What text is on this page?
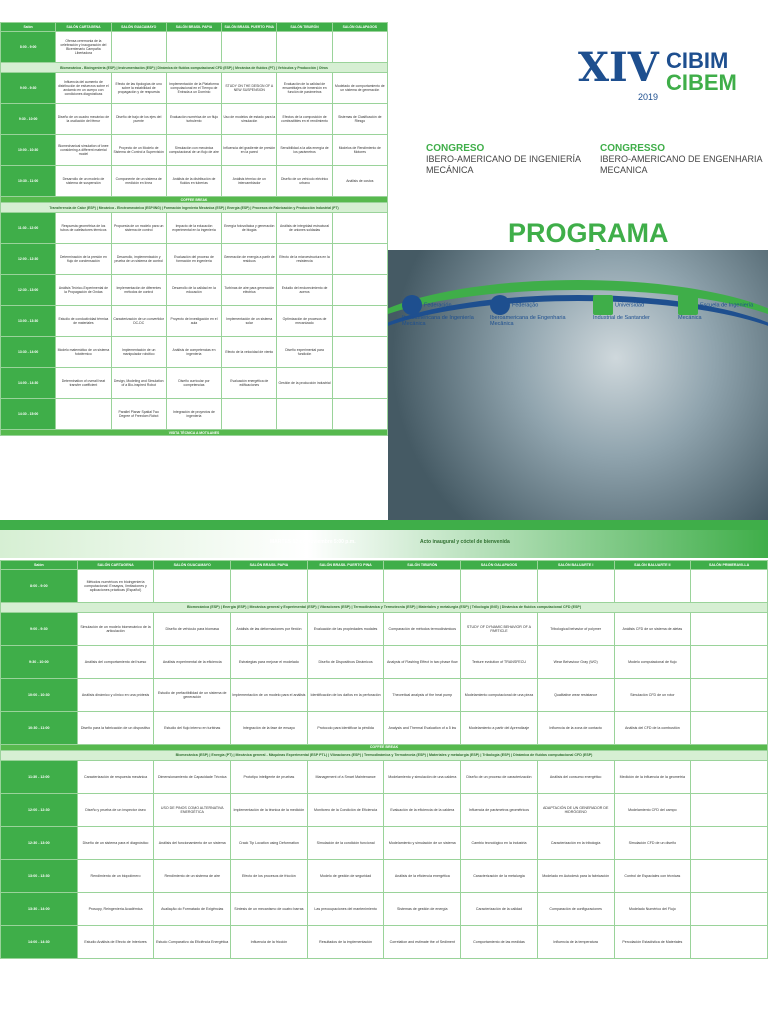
Salón	SALÓN CARTAGENA	SALÓN GUACAMAYO	SALÓN BRASIL PAPIA	SALÓN BRASIL PUERTO PINA	SALÓN TIBURÓN	SALÓN GALAPAGOS
8:00 - 9:00	Ofensa ceremonia de la celebración y inauguración del Bicentenario Campaña Libertadora					
Biomecánica - Bioingeniería (ESP) | Instrumentación (ESP) | Dinámica de fluidos computacional CFD (ESP) | Mecánica de fluidos (PT) | Vehículos y Producción | Otros						
9:00 - 9:30	Influencia del aumento de distribución de esfuerzos sobre el andamio en un cuerpo con condiciones diagnósticas	Efecto de las tipologías de uno sobre la estabilidad de propagación y de respuesta	Implementación de la Plataforma computacional en el Tiempo de Entrada a un Dominio	STUDY ON THE DESIGN OF A NEW SUSPENSION	Evaluación de la calidad de ensamblajes de inmersión en función de parámetros	Modelado de comportamiento de un sistema de generación
9:30 - 10:00	Diseño de un cuadro mecánico de la oscilación del fémur	Diseño de bajo de los ejes del puente	Evaluación numérica de un flujo turbulento	Uso de modelos de estado para la simulación	Efectos de la composición de combustibles en el rendimiento	Sistemas de Clasificación de Riesgo
10:00 - 10:30	Biomechanical simulation of knee considering a different material model	Proyecto de un Modelo de Sistema de Control a Supervisión	Simulación con mecánica computacional de un flujo de aire	Influencia del gradiente de presión en la pared	Sensibilidad a la alta energía de los parámetros	Modelos de Rendimiento de Motores
10:30 - 11:00	Desarrollo de un modelo de sistema de suspensión	Componente de un sistema de medición en línea	Análisis de la distribución de fluidos en tuberías	Análisis térmico de un intercambiador	Diseño de un vehículo eléctrico urbano	Análisis de costos
COFFEE BREAK						
Transferencia de Calor (ESP) | Mecánica - Electromecánica (ESP/ING) | Formación Ingeniería Mecánica (ESP) | Energía (ESP) | Procesos de Fabricación y Producción Industrial (PT)						
11:30 - 12:00	Respuesta geométrica de los tubos de calefactores térmicos	Propuesta de un modelo para un sistema de control	Impacto de la educación experimental en la ingeniería	Energía fotovoltaica y generación de biogás	Análisis de integridad estructural de uniones soldadas	
12:00 - 12:30	Determinación de la presión en flujo de condensación	Desarrollo, implementación y prueba de un sistema de control	Evaluación del proceso de formación en ingeniería	Generación de energía a partir de residuos	Efecto de la microestructura en la resistencia	
12:30 - 13:00	Análisis Teórico-Experimental de la Propagación de Ondas	Implementación de diferentes métodos de control	Desarrollo de la calidad en la educación	Turbinas de aire para generación eléctrica	Estudio del endurecimiento de aceros	
13:00 - 13:30	Estudio de conductividad térmica de materiales	Caracterización de un convertidor DC-DC	Proyecto de investigación en el aula	Implementación de un sistema solar	Optimización de procesos de mecanizado	
13:30 - 14:00	Modelo matemático de un sistema fototérmico	Implementación de un manipulador robótico	Análisis de competencias en ingeniería	Efecto de la velocidad de viento	Diseño experimental para fundición	
14:00 - 14:30	Determination of overall heat transfer coefficient	Design, Modeling and Simulation of a Bio-inspired Robot	Diseño curricular por competencias	Evaluación energética de edificaciones	Gestión de la producción industrial	
14:30 - 15:00		Parallel Planar Spatial Two Degree of Freedom Robot	Integración de proyectos de ingeniería			
VISITA TÉCNICA A MOTILANES						
XIV CIBIM
CIBEM
2019
CONGRESO
IBERO-AMERICANO DE INGENIERÍA MECÁNICA
CONGRESSO
IBERO-AMERICANO DE ENGENHARIA MECANICA
PROGRAMA
Federación Iberoamericana de Ingeniería Mecánica
Federação Iberoamericana de Engenharia Mecânica
Universidad Industrial de Santander
Escuela de Ingeniería Mecánica
MARTES 12 de Noviembre 5:00 p.m.	Acto inaugural y cóctel de bienvenida
Salón	SALÓN CARTAGENA	SALÓN GUACAMAYO	SALÓN BRASIL PAPIA	SALÓN BRASIL PUERTO PINA	SALÓN TIBURÓN	SALÓN GALAPAGOS	SALÓN BALUARTE I	SALÓN BALUARTE II	SALÓN PRIMERAVILLA
8:00 - 9:00	Métodos numéricos en bioingeniería computacional: Ensayos, limitaciones y aplicaciones prácticas (Español)								
Biomecánica (ESP) | Energía (ESP) | Mecánica general y Experimental (ESP) | Vibraciones (ESP) | Termodinámica y Termotecnia (ESP) | Materiales y metalurgia (ESP) | Tribología (ING) | Dinámica de fluidos computacional CFD (ESP)									
9:00 - 9:30	Simulación de un modelo biomecánico de la articulación	Diseño de vehículo para biomasa	Análisis de las deformaciones por flexión	Evaluación de las propiedades modales	Comparación de métodos termodinámicos	STUDY OF DYNAMIC BEHAVIOR OF A PARTICLE	Tribological behavior of polymer	Análisis CFD de un sistema de aletas	
9:30 - 10:00	Análisis del comportamiento del hueso	Análisis experimental de la eficiencia	Estrategias para mejorar el modelado	Diseño de Dispositivos Dinámicos	Analysis of Flashing Effect in two phase flow	Texture evolution of TRANSFECU	Wear Behaviour Gray (WO)	Modelo computacional de flujo	
10:00 - 10:30	Análisis dinámico y clínico en una prótesis	Estudio de prefactibilidad de un sistema de generación	Implementación de un modelo para el análisis	Identificación de los daños en la perforación	Theoretical analysis of the heat pump	Modelamiento computacional de una pieza	Qualitative wear resistance	Simulación CFD de un rotor	
10:30 - 11:00	Diseño para la fabricación de un dispositivo	Estudio del flujo interno en turbinas	Integración de la fase de ensayo	Protocolo para identificar la pérdida	Analysis and Thermal Evaluation of a 5 kw	Modelamiento a partir del Aprendizaje	Influencia de la zona de contacto	Análisis del CFD de la combustión	
COFFEE BREAK									
Biomecánica (ESP) | Energía (PT) | Mecánica general - Máquinas Experimental (ESP PTL) | Vibraciones (ESP) | Termodinámica y Termotecnia (ESP) | Materiales y metalurgia (ESP) | Tribología (ESP) | Dinámica de fluidos computacional CFD (ESP)									
11:30 - 12:00	Caracterización de respuesta mecánica	Dimensionamiento de Capacidade Técnica	Prototipo inteligente de pruebas	Management of a Smart Maintenance	Modelamiento y simulación de una caldera	Diseño de un proceso de caracterización	Análisis del consumo energético	Medición de la influencia de la geometría	
12:00 - 12:30	Diseño y prueba de un inspector óseo	USO DE PINOS COMO ALTERNATIVA ENERGÉTICA	Implementación de la técnica de la medición	Monitoreo de la Condición de Eficiencia	Evaluación de la eficiencia de la caldera	Influencia de parámetros geométricos	ADAPTACIÓN DE UN GENERADOR DE HIDRÓGENO	Modelamiento CFD del campo	
12:30 - 13:00	Diseño de un sistema para el diagnóstico	Análisis del funcionamiento de un sistema	Crack Tip Location using Deformation	Simulación de la condición funcional	Modelamiento y simulación de un sistema	Cambio tecnológico en la industria	Caracterización en la tribología	Simulación CFD de un diseño	
13:00 - 13:30	Rendimiento de un biopolímero	Rendimiento de un sistema de aire	Efecto de los procesos de fricción	Modelo de gestión de seguridad	Análisis de la eficiencia energética	Caracterización de la metalurgia	Modelado en Autodesk para la fabricación	Control de Espaciales con técnicas	
13:30 - 14:00	Prosopy, Reingeniería Acadêmica	Avaliação do Formatado de Exigências	Síntesis de un mecanismo de cuatro barras	Las preocupaciones del mantenimiento	Sistemas de gestión de energía	Caracterización de la calidad	Comparación de configuraciones	Modelado Numérico del Flujo	
14:00 - 14:30	Estudio Análisis de Efecto de Interiores	Estudo Comparativo da Eficiência Energética	Influencia de la fricción	Resultados de la implementación	Correlation and estimate the of Sediment	Comportamiento de las medidas	Influencia de la temperatura	Percolación Estadística de Materiales	
